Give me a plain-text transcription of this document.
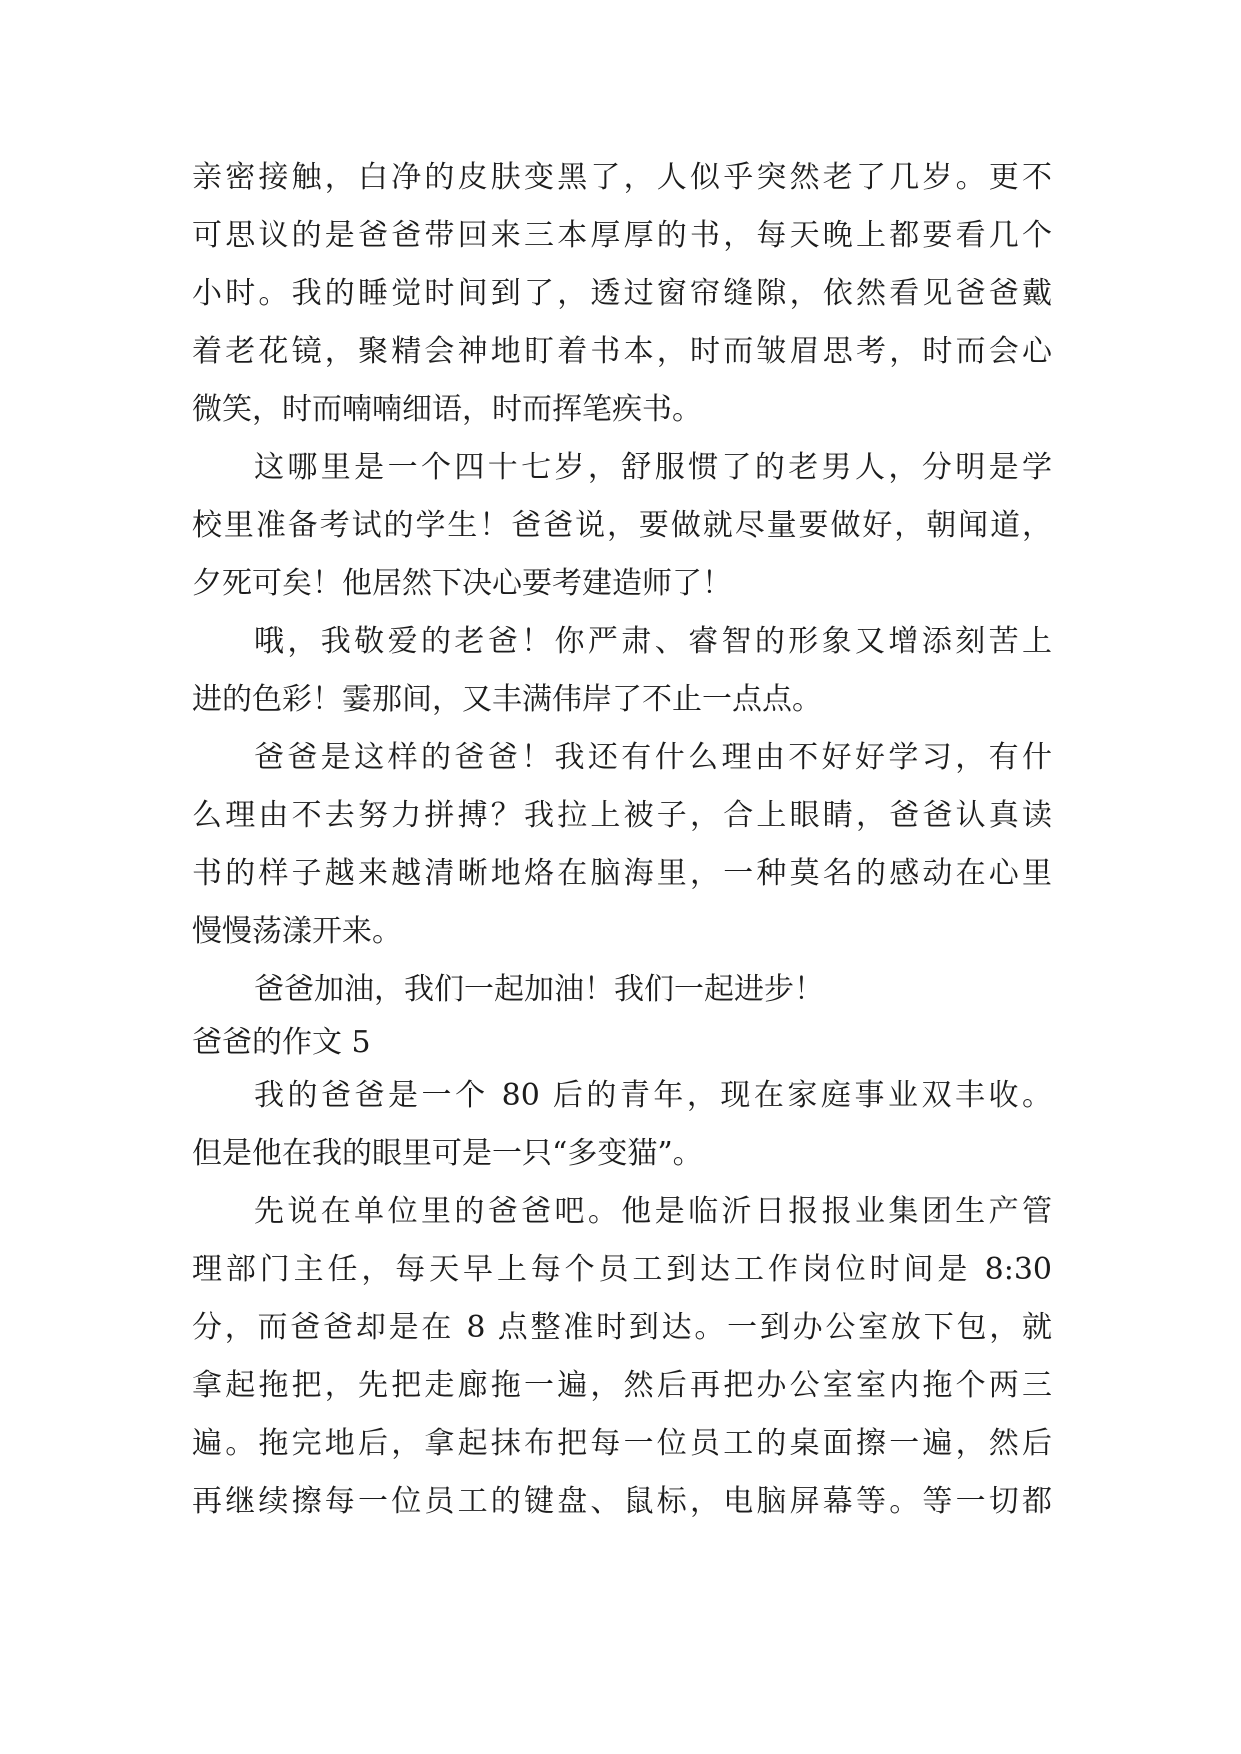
亲密接触，白净的皮肤变黑了，人似乎突然老了几岁。更不
可思议的是爸爸带回来三本厚厚的书，每天晚上都要看几个
小时。我的睡觉时间到了，透过窗帘缝隙，依然看见爸爸戴
着老花镜，聚精会神地盯着书本，时而皱眉思考，时而会心
微笑，时而喃喃细语，时而挥笔疾书。
这哪里是一个四十七岁，舒服惯了的老男人，分明是学
校里准备考试的学生！爸爸说，要做就尽量要做好，朝闻道，
夕死可矣！他居然下决心要考建造师了！
哦，我敬爱的老爸！你严肃、睿智的形象又增添刻苦上
进的色彩！霎那间，又丰满伟岸了不止一点点。
爸爸是这样的爸爸！我还有什么理由不好好学习，有什
么理由不去努力拼搏？我拉上被子，合上眼睛，爸爸认真读
书的样子越来越清晰地烙在脑海里，一种莫名的感动在心里
慢慢荡漾开来。
爸爸加油，我们一起加油！我们一起进步！
爸爸的作文 5
我的爸爸是一个 80 后的青年，现在家庭事业双丰收。
但是他在我的眼里可是一只“多变猫”。
先说在单位里的爸爸吧。他是临沂日报报业集团生产管
理部门主任，每天早上每个员工到达工作岗位时间是 8:30
分，而爸爸却是在 8 点整准时到达。一到办公室放下包，就
拿起拖把，先把走廊拖一遍，然后再把办公室室内拖个两三
遍。拖完地后，拿起抹布把每一位员工的桌面擦一遍，然后
再继续擦每一位员工的键盘、鼠标，电脑屏幕等。等一切都
